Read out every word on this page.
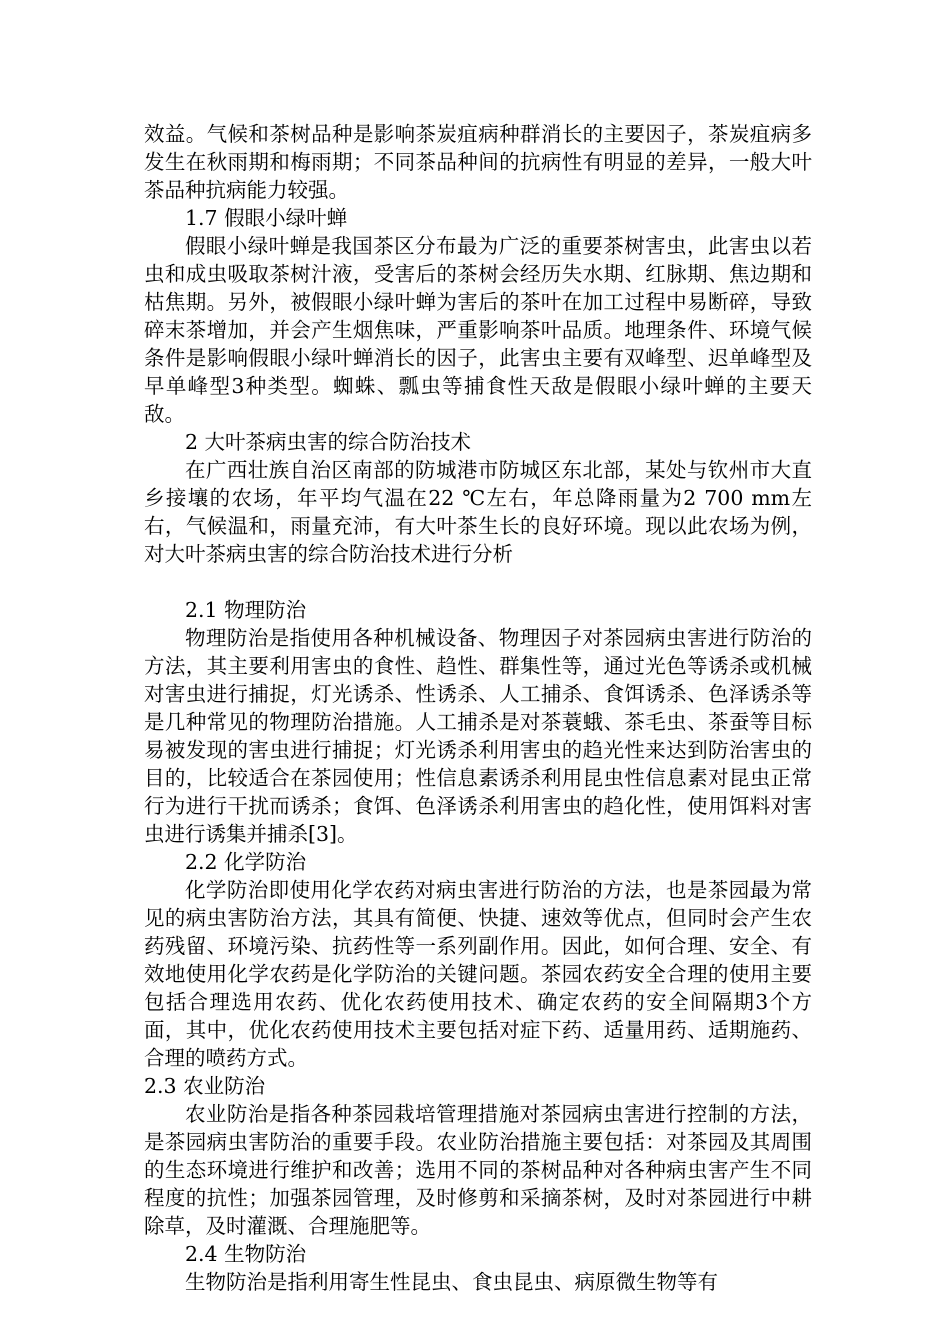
效益。气候和茶树品种是影响茶炭疽病种群消长的主要因子，茶炭疽病多发生在秋雨期和梅雨期；不同茶品种间的抗病性有明显的差异，一般大叶茶品种抗病能力较强。

1.7 假眼小绿叶蝉

假眼小绿叶蝉是我国茶区分布最为广泛的重要茶树害虫，此害虫以若虫和成虫吸取茶树汁液，受害后的茶树会经历失水期、红脉期、焦边期和枯焦期。另外，被假眼小绿叶蝉为害后的茶叶在加工过程中易断碎，导致碎末茶增加，并会产生烟焦味，严重影响茶叶品质。地理条件、环境气候条件是影响假眼小绿叶蝉消长的因子，此害虫主要有双峰型、迟单峰型及早单峰型3种类型。蜘蛛、瓢虫等捕食性天敌是假眼小绿叶蝉的主要天敌。

2 大叶茶病虫害的综合防治技术

在广西壮族自治区南部的防城港市防城区东北部，某处与钦州市大直乡接壤的农场，年平均气温在22 ℃左右，年总降雨量为2 700 mm左右，气候温和，雨量充沛，有大叶茶生长的良好环境。现以此农场为例，对大叶茶病虫害的综合防治技术进行分析

2.1 物理防治

物理防治是指使用各种机械设备、物理因子对茶园病虫害进行防治的方法，其主要利用害虫的食性、趋性、群集性等，通过光色等诱杀或机械对害虫进行捕捉，灯光诱杀、性诱杀、人工捕杀、食饵诱杀、色泽诱杀等是几种常见的物理防治措施。人工捕杀是对茶蓑蛾、茶毛虫、茶蚕等目标易被发现的害虫进行捕捉；灯光诱杀利用害虫的趋光性来达到防治害虫的目的，比较适合在茶园使用；性信息素诱杀利用昆虫性信息素对昆虫正常行为进行干扰而诱杀；食饵、色泽诱杀利用害虫的趋化性，使用饵料对害虫进行诱集并捕杀[3]。

2.2 化学防治

化学防治即使用化学农药对病虫害进行防治的方法，也是茶园最为常见的病虫害防治方法，其具有简便、快捷、速效等优点，但同时会产生农药残留、环境污染、抗药性等一系列副作用。因此，如何合理、安全、有效地使用化学农药是化学防治的关键问题。茶园农药安全合理的使用主要包括合理选用农药、优化农药使用技术、确定农药的安全间隔期3个方面，其中，优化农药使用技术主要包括对症下药、适量用药、适期施药、合理的喷药方式。

2.3 农业防治

农业防治是指各种茶园栽培管理措施对茶园病虫害进行控制的方法，是茶园病虫害防治的重要手段。农业防治措施主要包括：对茶园及其周围的生态环境进行维护和改善；选用不同的茶树品种对各种病虫害产生不同程度的抗性；加强茶园管理，及时修剪和采摘茶树，及时对茶园进行中耕除草，及时灌溉、合理施肥等。

2.4 生物防治

生物防治是指利用寄生性昆虫、食虫昆虫、病原微生物等有
